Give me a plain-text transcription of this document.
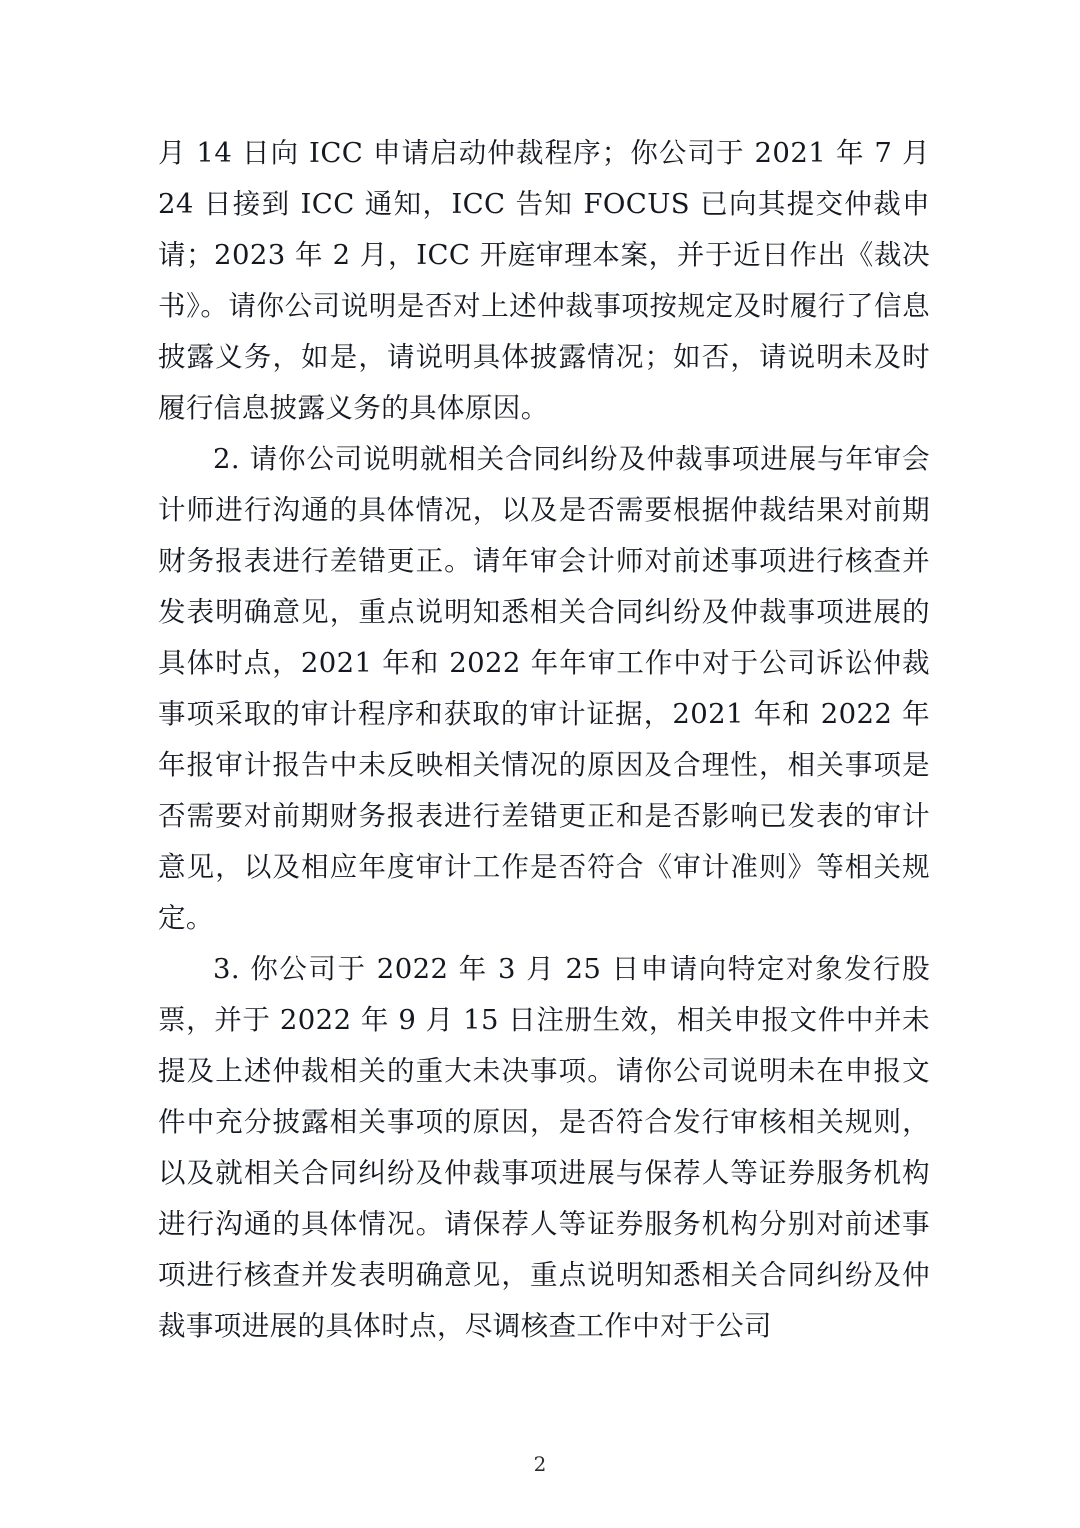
月 14 日向 ICC 申请启动仲裁程序；你公司于 2021 年 7 月 24 日接到 ICC 通知，ICC 告知 FOCUS 已向其提交仲裁申请；2023 年 2 月，ICC 开庭审理本案，并于近日作出《裁决书》。请你公司说明是否对上述仲裁事项按规定及时履行了信息披露义务，如是，请说明具体披露情况；如否，请说明未及时履行信息披露义务的具体原因。

2. 请你公司说明就相关合同纠纷及仲裁事项进展与年审会计师进行沟通的具体情况，以及是否需要根据仲裁结果对前期财务报表进行差错更正。请年审会计师对前述事项进行核查并发表明确意见，重点说明知悉相关合同纠纷及仲裁事项进展的具体时点，2021 年和 2022 年年审工作中对于公司诉讼仲裁事项采取的审计程序和获取的审计证据，2021 年和 2022 年年报审计报告中未反映相关情况的原因及合理性，相关事项是否需要对前期财务报表进行差错更正和是否影响已发表的审计意见，以及相应年度审计工作是否符合《审计准则》等相关规定。

3. 你公司于 2022 年 3 月 25 日申请向特定对象发行股票，并于 2022 年 9 月 15 日注册生效，相关申报文件中并未提及上述仲裁相关的重大未决事项。请你公司说明未在申报文件中充分披露相关事项的原因，是否符合发行审核相关规则，以及就相关合同纠纷及仲裁事项进展与保荐人等证券服务机构进行沟通的具体情况。请保荐人等证券服务机构分别对前述事项进行核查并发表明确意见，重点说明知悉相关合同纠纷及仲裁事项进展的具体时点，尽调核查工作中对于公司

2
